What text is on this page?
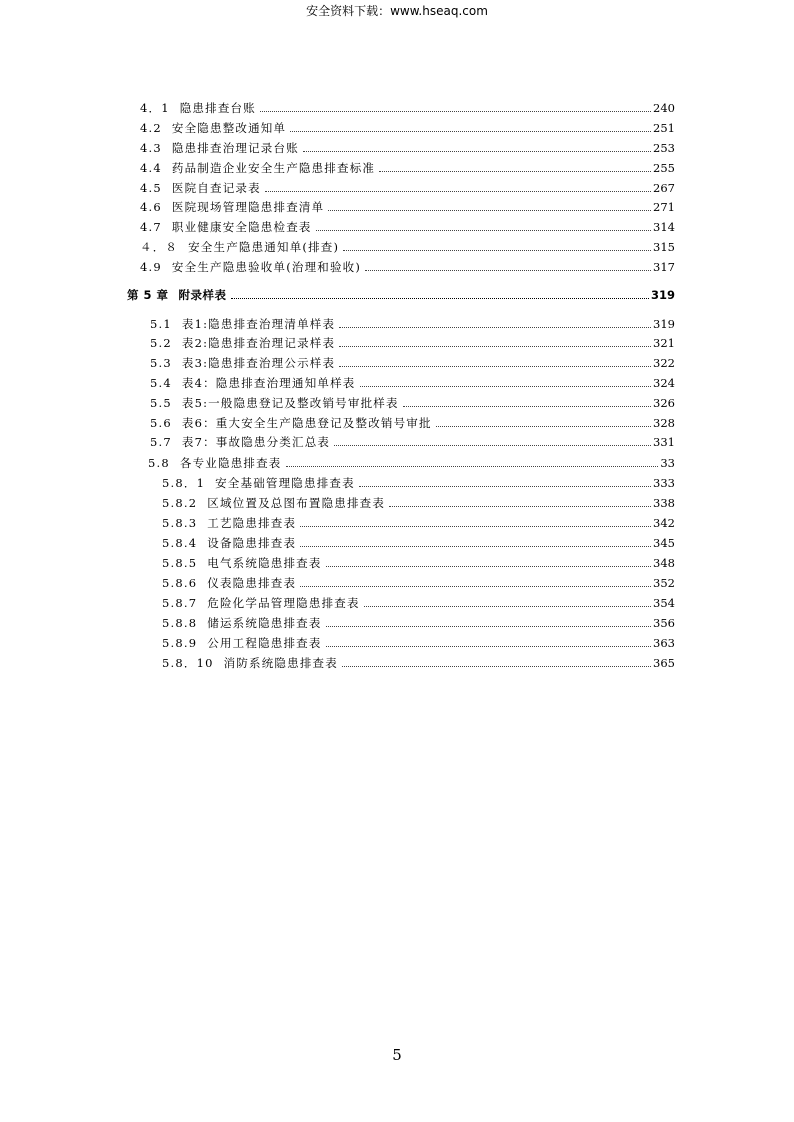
安全资料下载：www.hseaq.com
4．1 隐患排查台账	240
4.2 安全隐患整改通知单	251
4.3 隐患排查治理记录台账	253
4.4 药品制造企业安全生产隐患排查标准	255
4.5 医院自查记录表	267
4.6 医院现场管理隐患排查清单	271
4.7 职业健康安全隐患检查表	314
４．８ 安全生产隐患通知单(排查)	315
4.9 安全生产隐患验收单(治理和验收)	317
第 5 章 附录样表	319
5.1 表1:隐患排查治理清单样表	319
5.2 表2:隐患排查治理记录样表	321
5.3 表3:隐患排查治理公示样表	322
5.4 表4：隐患排查治理通知单样表	324
5.5 表5:一般隐患登记及整改销号审批样表	326
5.6 表6：重大安全生产隐患登记及整改销号审批	328
5.7 表7：事故隐患分类汇总表	331
5.8 各专业隐患排查表	33
5.8．1 安全基础管理隐患排查表	333
5.8.2 区域位置及总图布置隐患排查表	338
5.8.3 工艺隐患排查表	342
5.8.4 设备隐患排查表	345
5.8.5 电气系统隐患排查表	348
5.8.6 仪表隐患排查表	352
5.8.7 危险化学品管理隐患排查表	354
5.8.8 储运系统隐患排查表	356
5.8.9 公用工程隐患排查表	363
5.8．10 消防系统隐患排查表	365
5
